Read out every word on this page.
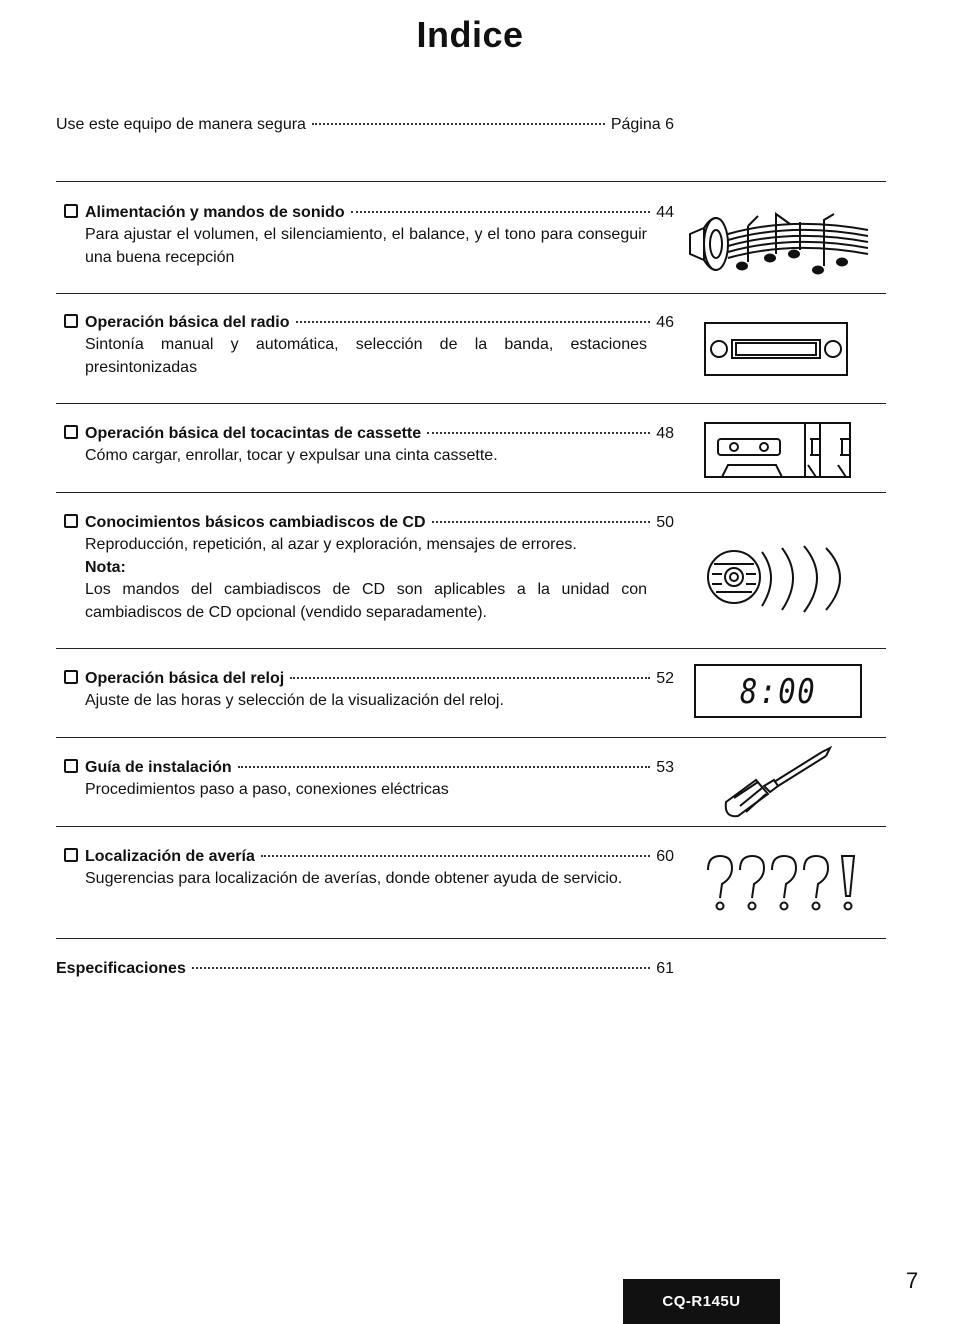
Indice
Use este equipo de manera segura	Página 6
Alimentación y mandos de sonido	44
Para ajustar el volumen, el silenciamiento, el balance, y el tono para conseguir una buena recepción
Operación básica del radio	46
Sintonía manual y automática, selección de la banda, estaciones presintonizadas
Operación básica del tocacintas de cassette	48
Cómo cargar, enrollar, tocar y expulsar una cinta cassette.
Conocimientos básicos cambiadiscos de CD	50
Reproducción, repetición, al azar y exploración, mensajes de errores.
Nota:
Los mandos del cambiadiscos de CD son aplicables a la unidad con cambiadiscos de CD opcional (vendido separadamente).
Operación básica del reloj	52
Ajuste de las horas y selección de la visualización del reloj.	8:00
Guía de instalación	53
Procedimientos paso a paso, conexiones eléctricas
Localización de avería	60
Sugerencias para localización de averías, donde obtener ayuda de servicio.
Especificaciones	61
CQ-R145U
7
